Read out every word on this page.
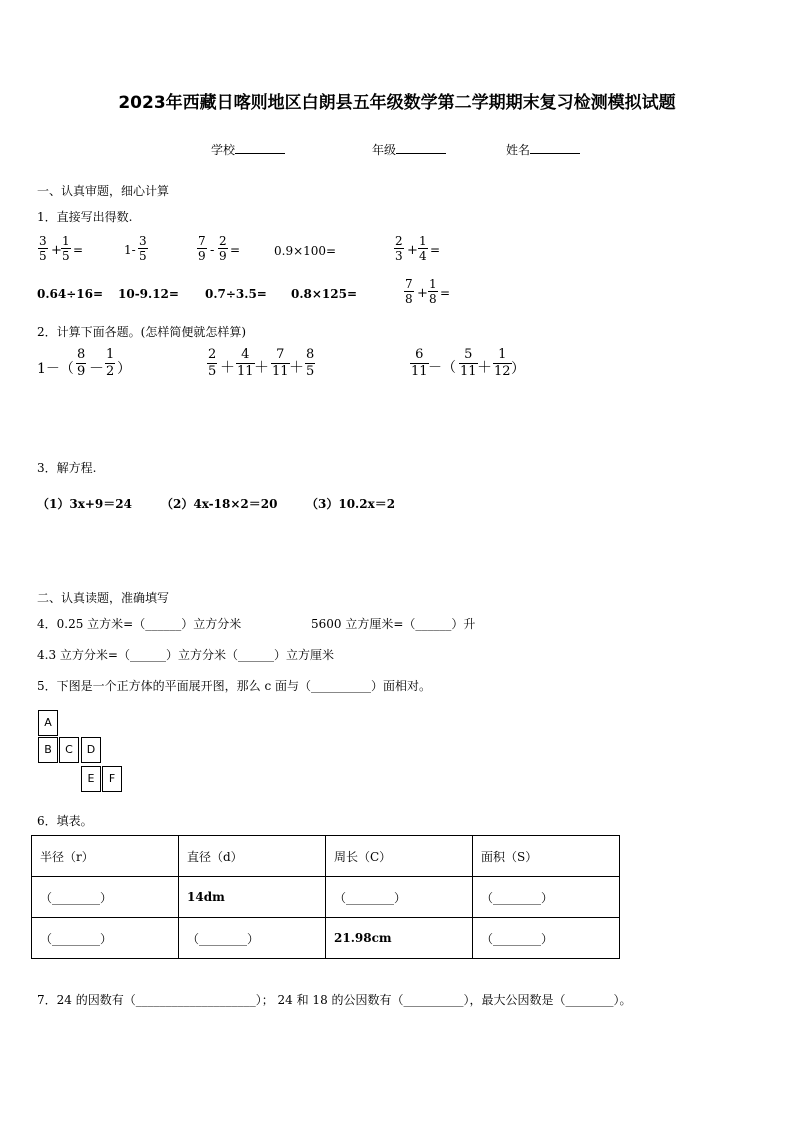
2023年西藏日喀则地区白朗县五年级数学第二学期期末复习检测模拟试题
学校	年级	姓名
一、认真审题，细心计算
1．直接写出得数.
3
5 +
1
5 =	1-
3
5
7
9 -
2
9 =	0.9×100=
2
3 +
1
4 =
0.64÷16= 10-9.12= 0.7÷3.5= 0.8×125=
7
8 +
1
8 =
2．计算下面各题。(怎样简便就怎样算)
1－（
8
9 －
1
2 ）
2
5 ＋
4
11 ＋
7
11 ＋
8
5
6
11 －（
5
11 ＋
1
12 ）
3．解方程.
（1）3x+9＝24 （2）4x-18×2＝20 （3）10.2x＝2
二、认真读题，准确填写
4．0.25 立方米=（______）立方分米	5600 立方厘米=（______）升
4.3 立方分米=（______）立方分米（______）立方厘米
5．下图是一个正方体的平面展开图，那么 c 面与（__________）面相对。
A
B	C	D
E	F
6．填表。
半径（r）	直径（d）	周长（C）	面积（S）
（________）	14dm	（________）	（________）
（________）	（________）	21.98cm	（________）
7．24 的因数有（____________________）； 24 和 18 的公因数有（__________），最大公因数是（________）。
